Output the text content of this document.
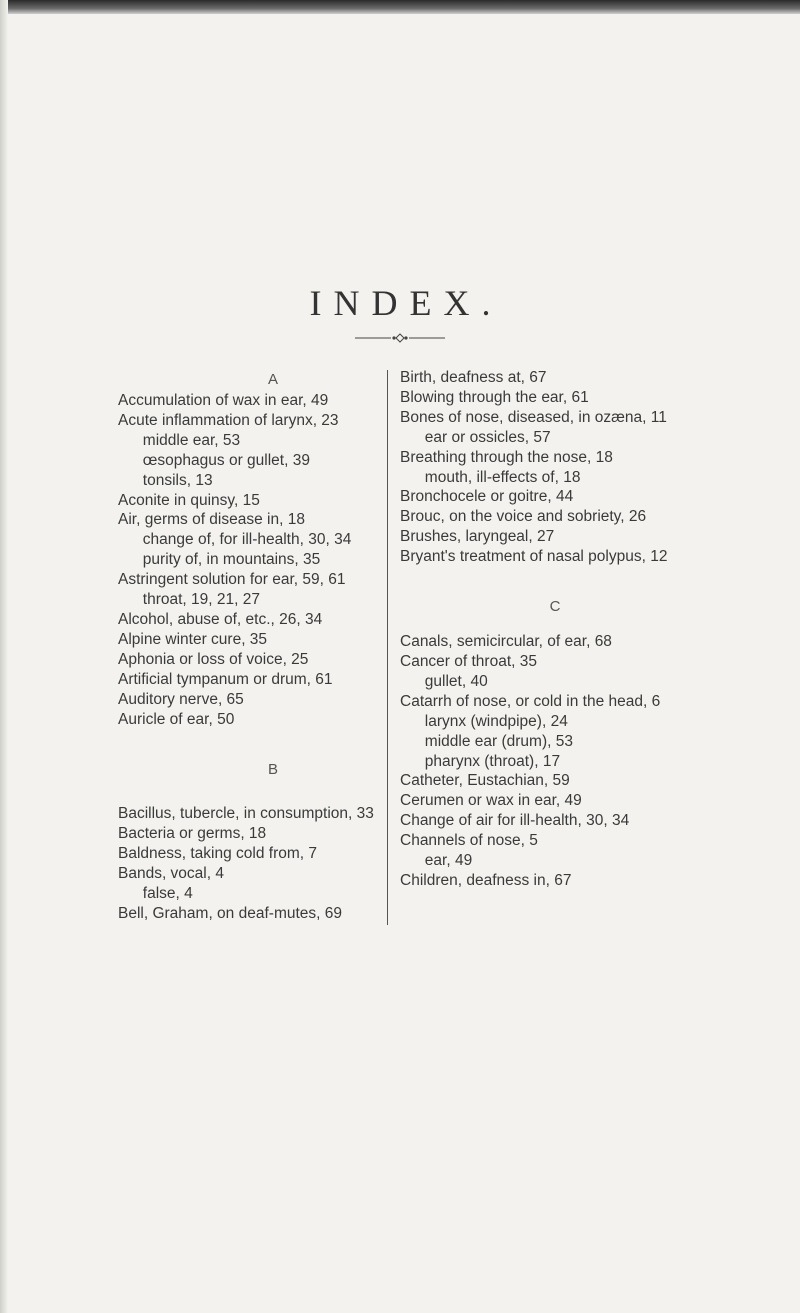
INDEX.
A
Accumulation of wax in ear, 49
Acute inflammation of larynx, 23
middle ear, 53
œsophagus or gullet, 39
tonsils, 13
Aconite in quinsy, 15
Air, germs of disease in, 18
change of, for ill-health, 30, 34
purity of, in mountains, 35
Astringent solution for ear, 59, 61
throat, 19, 21, 27
Alcohol, abuse of, etc., 26, 34
Alpine winter cure, 35
Aphonia or loss of voice, 25
Artificial tympanum or drum, 61
Auditory nerve, 65
Auricle of ear, 50
B
Bacillus, tubercle, in consumption, 33
Bacteria or germs, 18
Baldness, taking cold from, 7
Bands, vocal, 4
false, 4
Bell, Graham, on deaf-mutes, 69
Birth, deafness at, 67
Blowing through the ear, 61
Bones of nose, diseased, in ozæna, 11
ear or ossicles, 57
Breathing through the nose, 18
mouth, ill-effects of, 18
Bronchocele or goitre, 44
Brouc, on the voice and sobriety, 26
Brushes, laryngeal, 27
Bryant's treatment of nasal polypus, 12
C
Canals, semicircular, of ear, 68
Cancer of throat, 35
gullet, 40
Catarrh of nose, or cold in the head, 6
larynx (windpipe), 24
middle ear (drum), 53
pharynx (throat), 17
Catheter, Eustachian, 59
Cerumen or wax in ear, 49
Change of air for ill-health, 30, 34
Channels of nose, 5
ear, 49
Children, deafness in, 67
